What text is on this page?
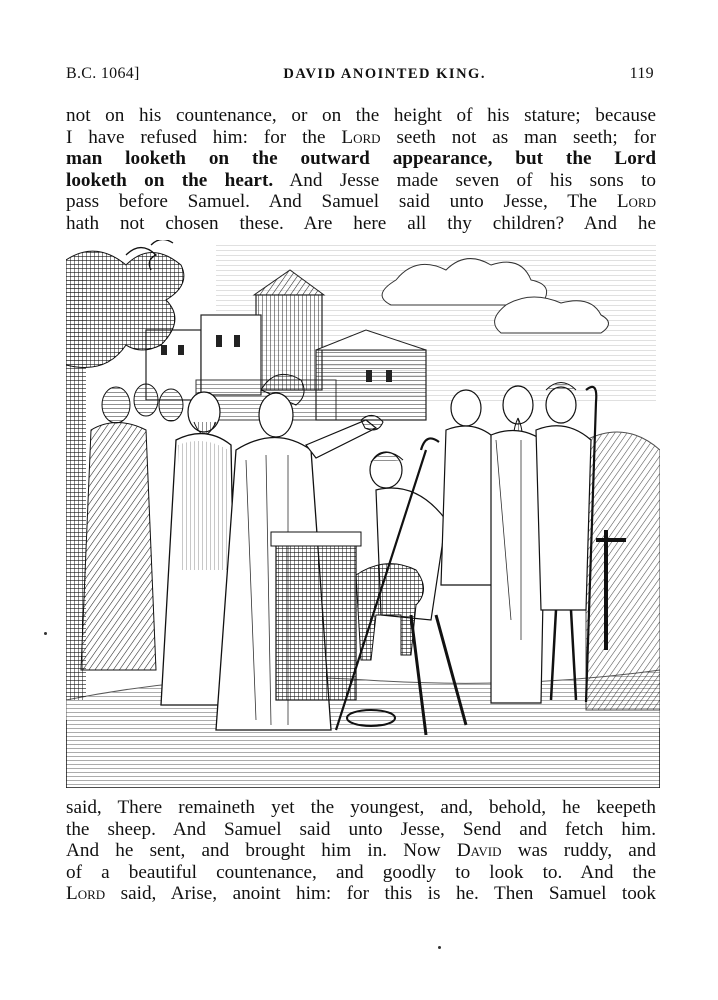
B.C. 1064]	DAVID ANOINTED KING.	119
not on his countenance, or on the height of his stature; because
I have refused him: for the Lord seeth not as man seeth; for
man looketh on the outward appearance, but the Lord
looketh on the heart. And Jesse made seven of his sons to
pass before Samuel. And Samuel said unto Jesse, The Lord
hath not chosen these. Are here all thy children? And he
said, There remaineth yet the youngest, and, behold, he keepeth
the sheep. And Samuel said unto Jesse, Send and fetch him.
And he sent, and brought him in. Now David was ruddy, and
of a beautiful countenance, and goodly to look to. And the
Lord said, Arise, anoint him: for this is he. Then Samuel took
